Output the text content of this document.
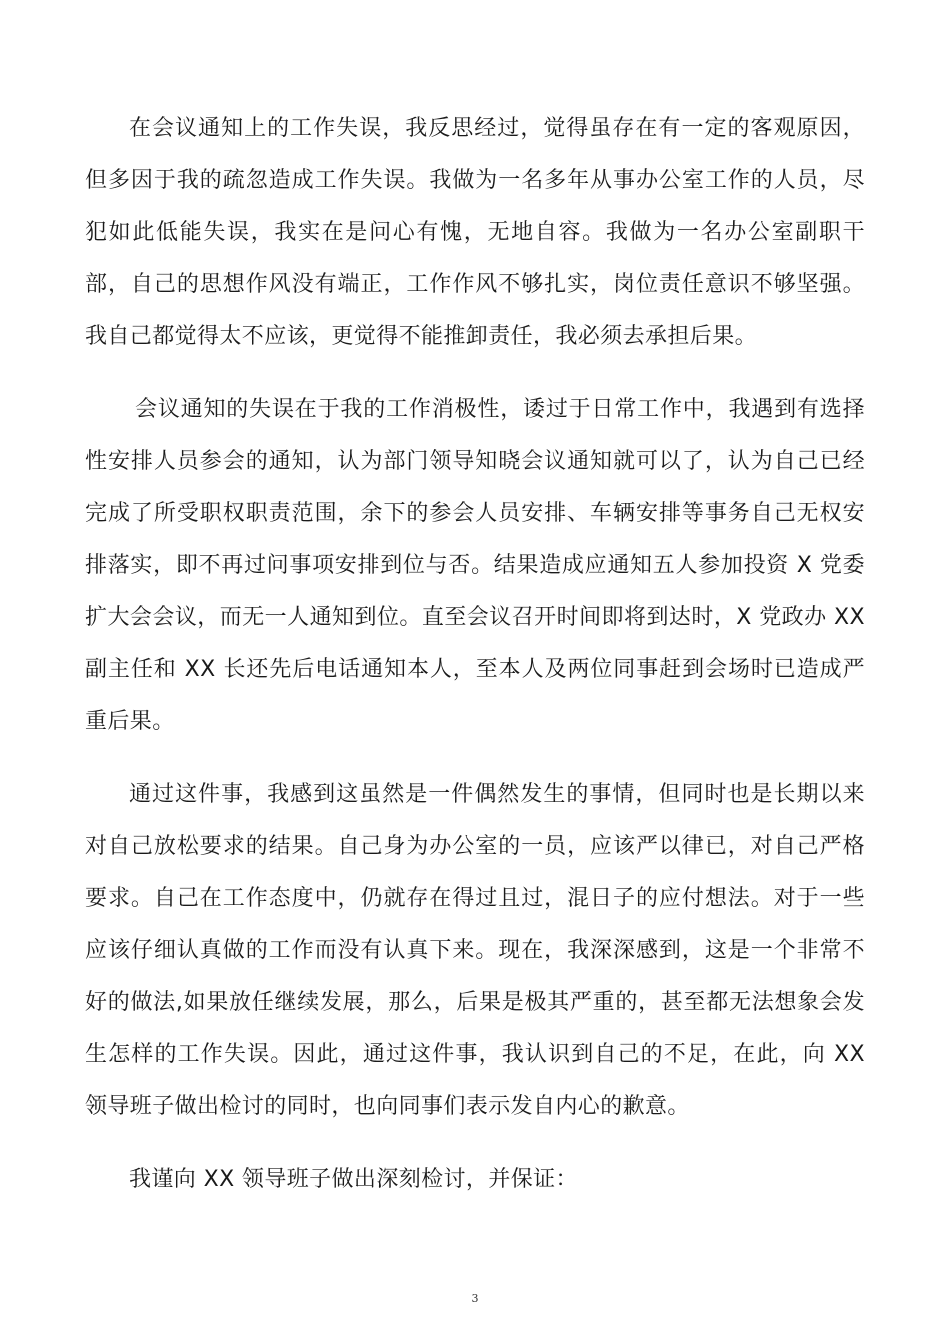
在会议通知上的工作失误，我反思经过，觉得虽存在有一定的客观原因，但多因于我的疏忽造成工作失误。我做为一名多年从事办公室工作的人员，尽犯如此低能失误，我实在是问心有愧，无地自容。我做为一名办公室副职干部，自己的思想作风没有端正，工作作风不够扎实，岗位责任意识不够坚强。我自己都觉得太不应该，更觉得不能推卸责任，我必须去承担后果。

会议通知的失误在于我的工作消极性，诿过于日常工作中，我遇到有选择性安排人员参会的通知，认为部门领导知晓会议通知就可以了，认为自己已经完成了所受职权职责范围，余下的参会人员安排、车辆安排等事务自己无权安排落实，即不再过问事项安排到位与否。结果造成应通知五人参加投资 X 党委扩大会会议，而无一人通知到位。直至会议召开时间即将到达时，X 党政办 XX 副主任和 XX 长还先后电话通知本人，至本人及两位同事赶到会场时已造成严重后果。

通过这件事，我感到这虽然是一件偶然发生的事情，但同时也是长期以来对自己放松要求的结果。自己身为办公室的一员，应该严以律已，对自己严格要求。自己在工作态度中，仍就存在得过且过，混日子的应付想法。对于一些应该仔细认真做的工作而没有认真下来。现在，我深深感到，这是一个非常不好的做法,如果放任继续发展，那么，后果是极其严重的，甚至都无法想象会发生怎样的工作失误。因此，通过这件事，我认识到自己的不足，在此，向 XX 领导班子做出检讨的同时，也向同事们表示发自内心的歉意。

我谨向 XX 领导班子做出深刻检讨，并保证：

3
